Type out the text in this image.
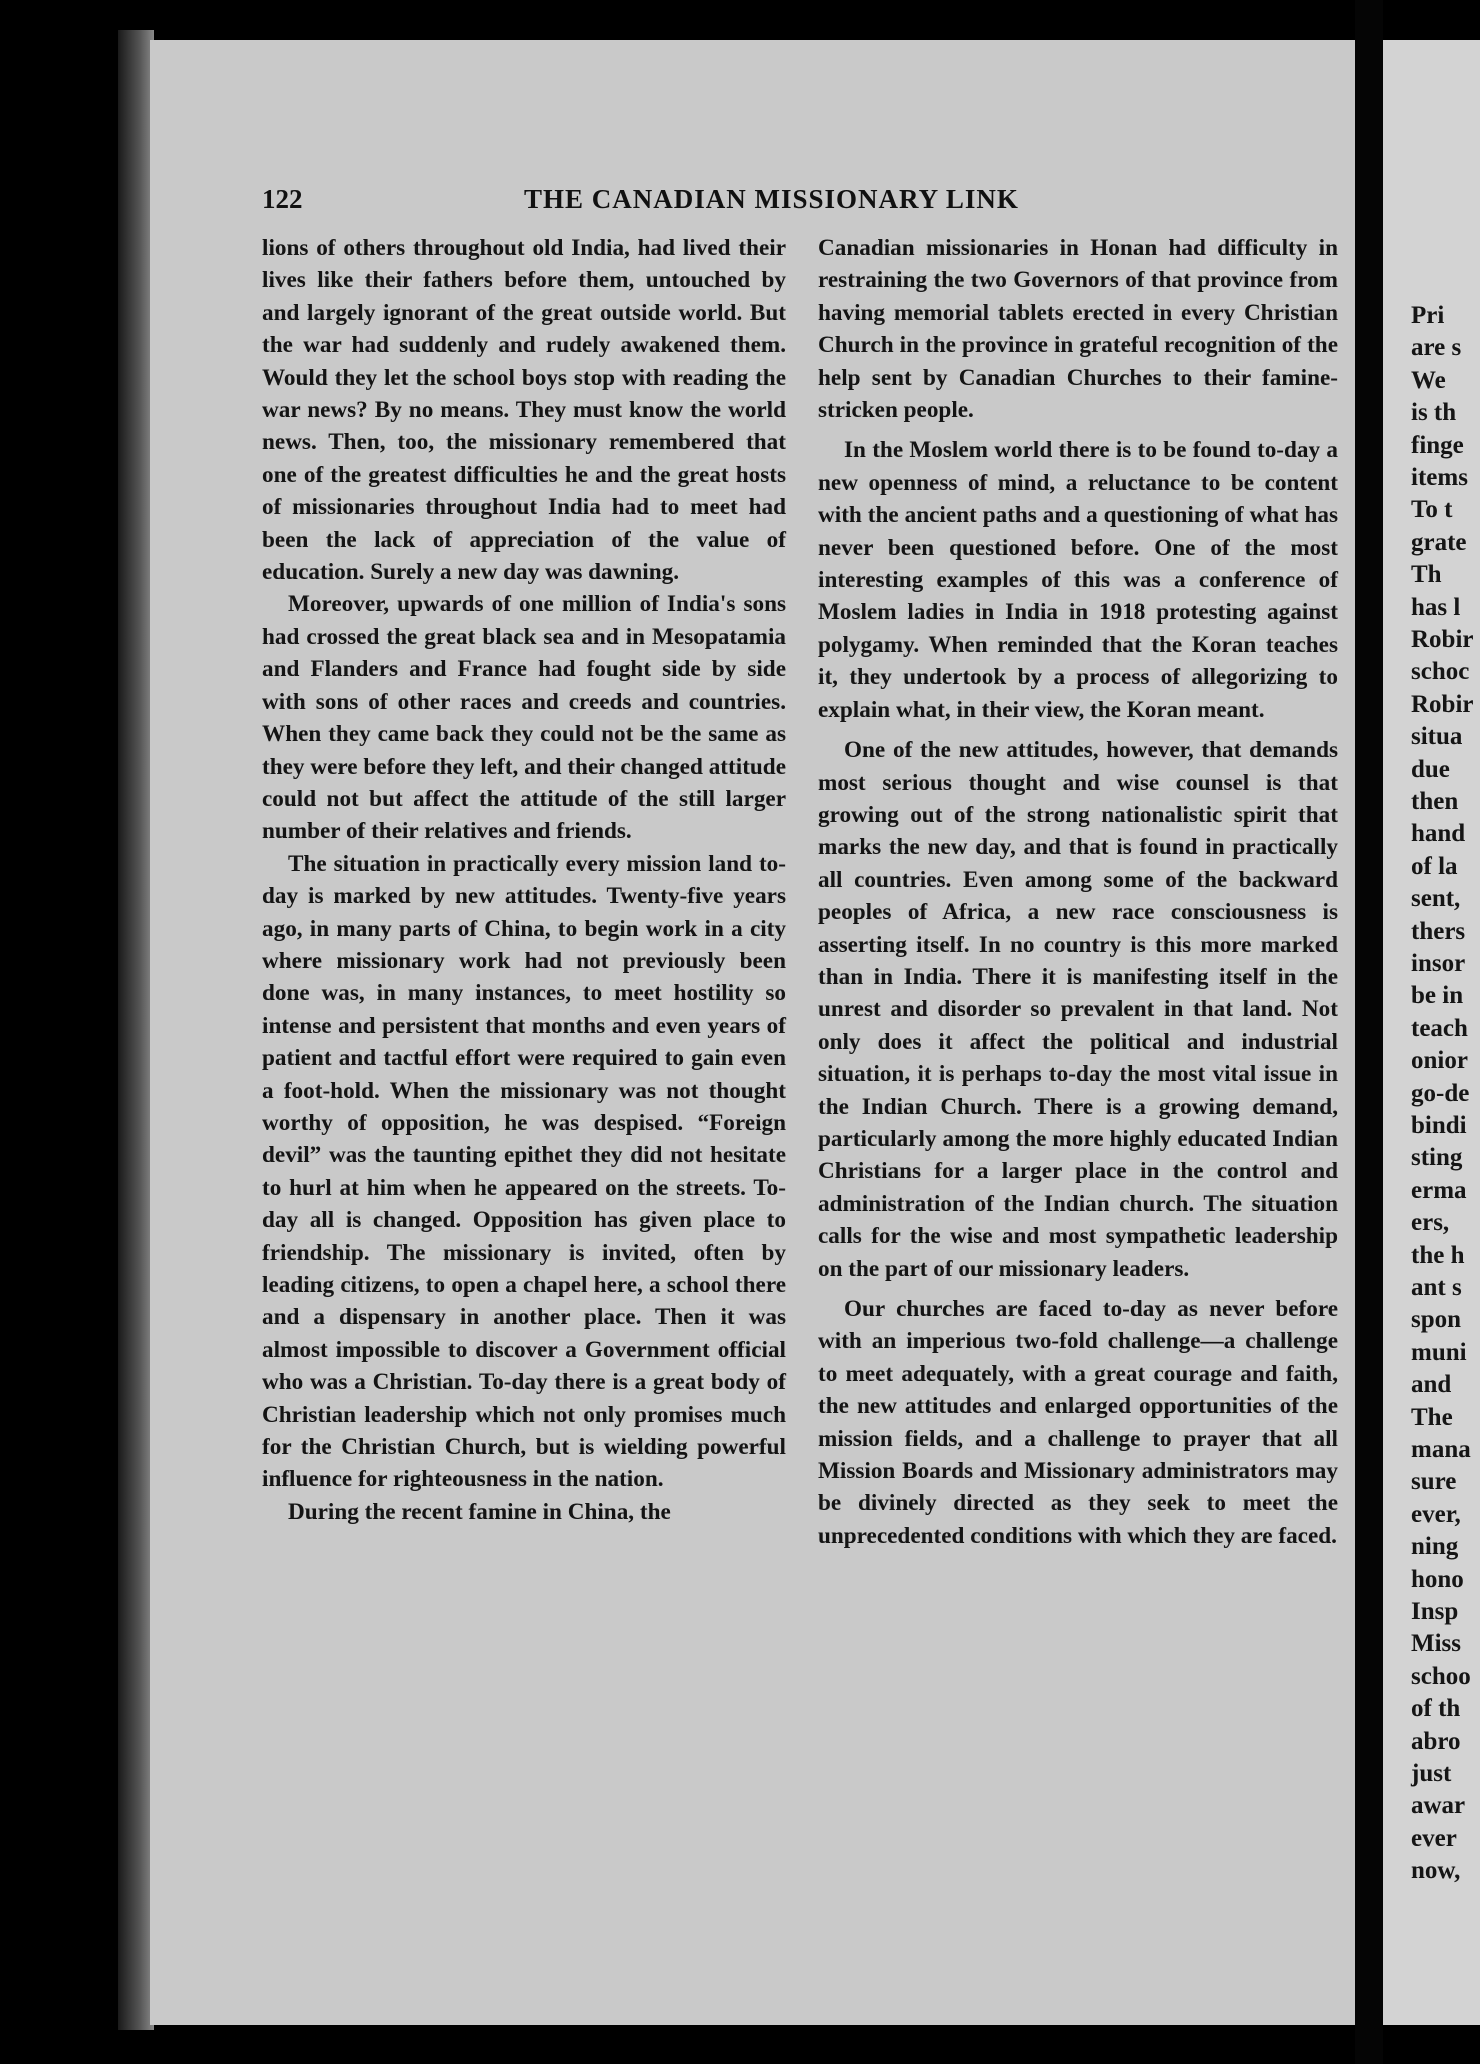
122	THE CANADIAN MISSIONARY LINK

lions of others throughout old India, had lived their lives like their fathers before them, untouched by and largely ignorant of the great outside world. But the war had suddenly and rudely awakened them. Would they let the school boys stop with reading the war news? By no means. They must know the world news. Then, too, the missionary remembered that one of the greatest difficulties he and the great hosts of missionaries throughout India had to meet had been the lack of appreciation of the value of education. Surely a new day was dawning.

Moreover, upwards of one million of India's sons had crossed the great black sea and in Mesopatamia and Flanders and France had fought side by side with sons of other races and creeds and countries. When they came back they could not be the same as they were before they left, and their changed attitude could not but affect the attitude of the still larger number of their relatives and friends.

The situation in practically every mission land to-day is marked by new attitudes. Twenty-five years ago, in many parts of China, to begin work in a city where missionary work had not previously been done was, in many instances, to meet hostility so intense and persistent that months and even years of patient and tactful effort were required to gain even a foot-hold. When the missionary was not thought worthy of opposition, he was despised. “Foreign devil” was the taunting epithet they did not hesitate to hurl at him when he appeared on the streets. To-day all is changed. Opposition has given place to friendship. The missionary is invited, often by leading citizens, to open a chapel here, a school there and a dispensary in another place. Then it was almost impossible to discover a Government official who was a Christian. To-day there is a great body of Christian leadership which not only promises much for the Christian Church, but is wielding powerful influence for righteousness in the nation.

During the recent famine in China, the

Canadian missionaries in Honan had difficulty in restraining the two Governors of that province from having memorial tablets erected in every Christian Church in the province in grateful recognition of the help sent by Canadian Churches to their famine-stricken people.

In the Moslem world there is to be found to-day a new openness of mind, a reluctance to be content with the ancient paths and a questioning of what has never been questioned before. One of the most interesting examples of this was a conference of Moslem ladies in India in 1918 protesting against polygamy. When reminded that the Koran teaches it, they undertook by a process of allegorizing to explain what, in their view, the Koran meant.

One of the new attitudes, however, that demands most serious thought and wise counsel is that growing out of the strong nationalistic spirit that marks the new day, and that is found in practically all countries. Even among some of the backward peoples of Africa, a new race consciousness is asserting itself. In no country is this more marked than in India. There it is manifesting itself in the unrest and disorder so prevalent in that land. Not only does it affect the political and industrial situation, it is perhaps to-day the most vital issue in the Indian Church. There is a growing demand, particularly among the more highly educated Indian Christians for a larger place in the control and administration of the Indian church. The situation calls for the wise and most sympathetic leadership on the part of our missionary leaders.

Our churches are faced to-day as never before with an imperious two-fold challenge—a challenge to meet adequately, with a great courage and faith, the new attitudes and enlarged opportunities of the mission fields, and a challenge to prayer that all Mission Boards and Missionary administrators may be divinely directed as they seek to meet the unprecedented conditions with which they are faced.

Pri
are s
We
is th
finge
items
To t
grate
Th
has l
Robir
schoc
Robir
situa
due
then
hand
of la
sent,
thers
insor
be in
teach
onior
go-de
bindi
sting
erma
ers,
the h
ant s
spon
muni
and
The
mana
sure
ever,
ning
hono
Insp
Miss
schoo
of th
abro
just
awar
ever
now,
